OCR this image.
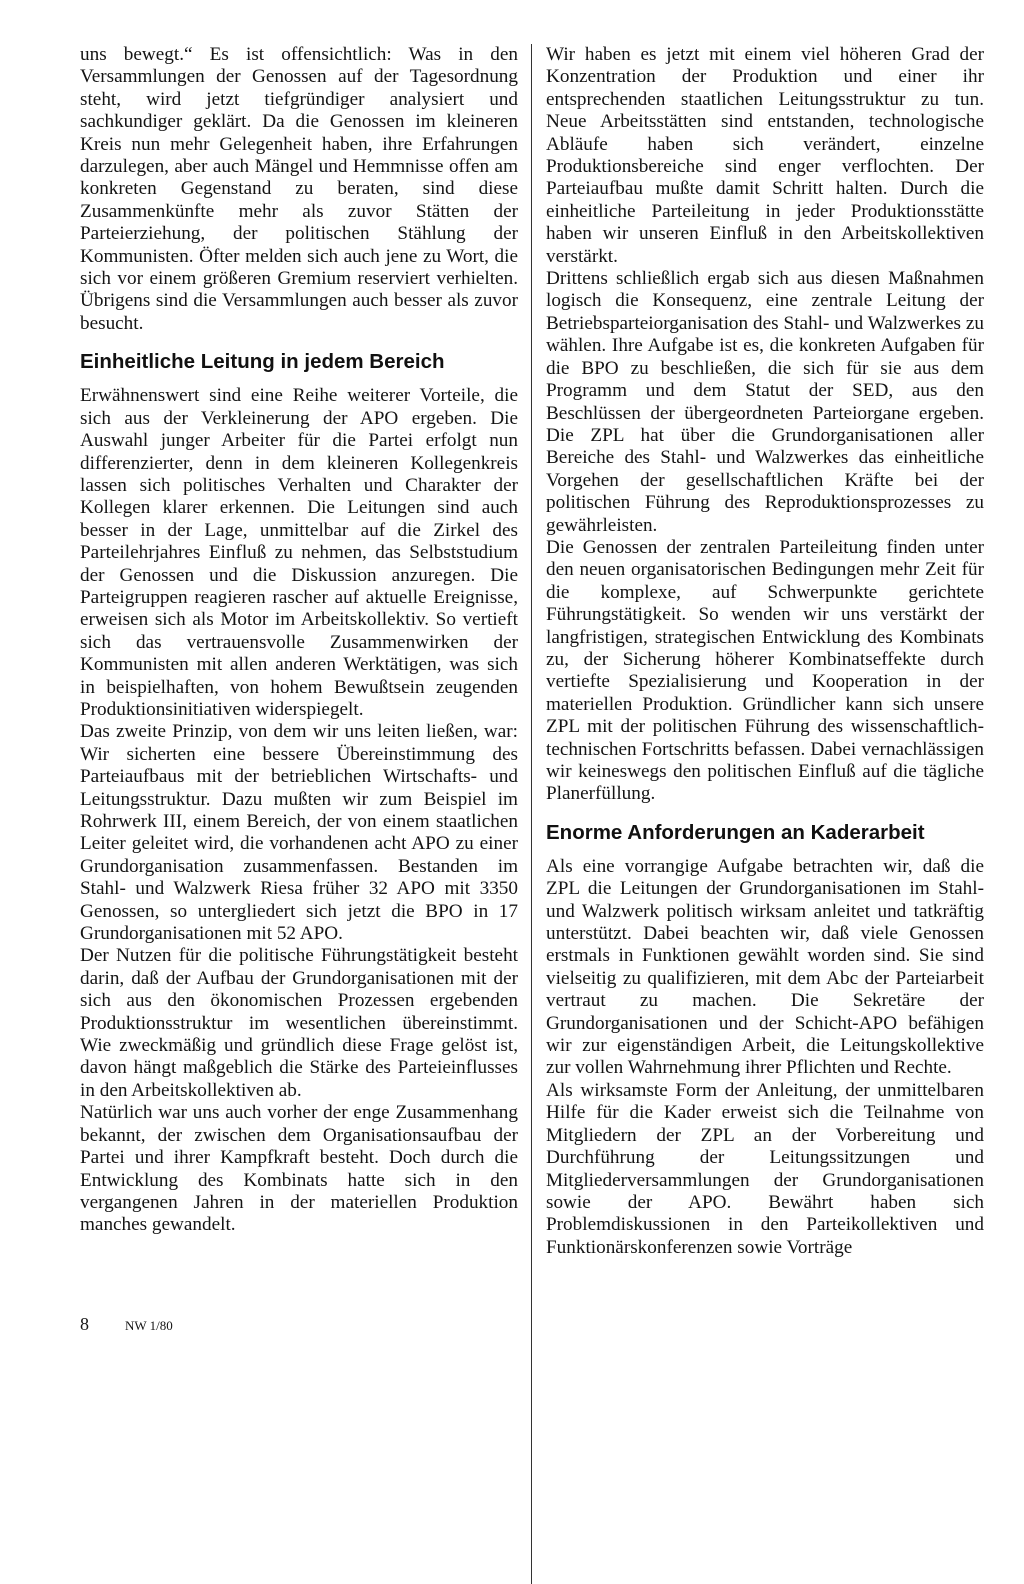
uns bewegt.“ Es ist offensichtlich: Was in den Versammlungen der Genossen auf der Tagesordnung steht, wird jetzt tiefgründiger analysiert und sachkundiger geklärt. Da die Genossen im kleineren Kreis nun mehr Gelegenheit haben, ihre Erfahrungen darzulegen, aber auch Mängel und Hemmnisse offen am konkreten Gegenstand zu beraten, sind diese Zusammenkünfte mehr als zuvor Stätten der Parteierziehung, der politischen Stählung der Kommunisten. Öfter melden sich auch jene zu Wort, die sich vor einem größeren Gremium reserviert verhielten. Übrigens sind die Versammlungen auch besser als zuvor besucht.

Einheitliche Leitung in jedem Bereich

Erwähnenswert sind eine Reihe weiterer Vorteile, die sich aus der Verkleinerung der APO ergeben. Die Auswahl junger Arbeiter für die Partei erfolgt nun differenzierter, denn in dem kleineren Kollegenkreis lassen sich politisches Verhalten und Charakter der Kollegen klarer erkennen. Die Leitungen sind auch besser in der Lage, unmittelbar auf die Zirkel des Parteilehrjahres Einfluß zu nehmen, das Selbststudium der Genossen und die Diskussion anzuregen. Die Parteigruppen reagieren rascher auf aktuelle Ereignisse, erweisen sich als Motor im Arbeitskollektiv. So vertieft sich das vertrauensvolle Zusammenwirken der Kommunisten mit allen anderen Werktätigen, was sich in beispielhaften, von hohem Bewußtsein zeugenden Produktionsinitiativen widerspiegelt.

Das zweite Prinzip, von dem wir uns leiten ließen, war: Wir sicherten eine bessere Übereinstimmung des Parteiaufbaus mit der betrieblichen Wirtschafts- und Leitungsstruktur. Dazu mußten wir zum Beispiel im Rohrwerk III, einem Bereich, der von einem staatlichen Leiter geleitet wird, die vorhandenen acht APO zu einer Grundorganisation zusammenfassen. Bestanden im Stahl- und Walzwerk Riesa früher 32 APO mit 3350 Genossen, so untergliedert sich jetzt die BPO in 17 Grundorganisationen mit 52 APO.

Der Nutzen für die politische Führungstätigkeit besteht darin, daß der Aufbau der Grundorganisationen mit der sich aus den ökonomischen Prozessen ergebenden Produktionsstruktur im wesentlichen übereinstimmt. Wie zweckmäßig und gründlich diese Frage gelöst ist, davon hängt maßgeblich die Stärke des Parteieinflusses in den Arbeitskollektiven ab.

Natürlich war uns auch vorher der enge Zusammenhang bekannt, der zwischen dem Organisationsaufbau der Partei und ihrer Kampfkraft besteht. Doch durch die Entwicklung des Kombinats hatte sich in den vergangenen Jahren in der materiellen Produktion manches gewandelt.

Wir haben es jetzt mit einem viel höheren Grad der Konzentration der Produktion und einer ihr entsprechenden staatlichen Leitungsstruktur zu tun. Neue Arbeitsstätten sind entstanden, technologische Abläufe haben sich verändert, einzelne Produktionsbereiche sind enger verflochten. Der Parteiaufbau mußte damit Schritt halten. Durch die einheitliche Parteileitung in jeder Produktionsstätte haben wir unseren Einfluß in den Arbeitskollektiven verstärkt.

Drittens schließlich ergab sich aus diesen Maßnahmen logisch die Konsequenz, eine zentrale Leitung der Betriebsparteiorganisation des Stahl- und Walzwerkes zu wählen. Ihre Aufgabe ist es, die konkreten Aufgaben für die BPO zu beschließen, die sich für sie aus dem Programm und dem Statut der SED, aus den Beschlüssen der übergeordneten Parteiorgane ergeben. Die ZPL hat über die Grundorganisationen aller Bereiche des Stahl- und Walzwerkes das einheitliche Vorgehen der gesellschaftlichen Kräfte bei der politischen Führung des Reproduktionsprozesses zu gewährleisten.

Die Genossen der zentralen Parteileitung finden unter den neuen organisatorischen Bedingungen mehr Zeit für die komplexe, auf Schwerpunkte gerichtete Führungstätigkeit. So wenden wir uns verstärkt der langfristigen, strategischen Entwicklung des Kombinats zu, der Sicherung höherer Kombinatseffekte durch vertiefte Spezialisierung und Kooperation in der materiellen Produktion. Gründlicher kann sich unsere ZPL mit der politischen Führung des wissenschaftlich-technischen Fortschritts befassen. Dabei vernachlässigen wir keineswegs den politischen Einfluß auf die tägliche Planerfüllung.

Enorme Anforderungen an Kaderarbeit

Als eine vorrangige Aufgabe betrachten wir, daß die ZPL die Leitungen der Grundorganisationen im Stahl- und Walzwerk politisch wirksam anleitet und tatkräftig unterstützt. Dabei beachten wir, daß viele Genossen erstmals in Funktionen gewählt worden sind. Sie sind vielseitig zu qualifizieren, mit dem Abc der Parteiarbeit vertraut zu machen. Die Sekretäre der Grundorganisationen und der Schicht-APO befähigen wir zur eigenständigen Arbeit, die Leitungskollektive zur vollen Wahrnehmung ihrer Pflichten und Rechte.

Als wirksamste Form der Anleitung, der unmittelbaren Hilfe für die Kader erweist sich die Teilnahme von Mitgliedern der ZPL an der Vorbereitung und Durchführung der Leitungssitzungen und Mitgliederversammlungen der Grundorganisationen sowie der APO. Bewährt haben sich Problemdiskussionen in den Parteikollektiven und Funktionärskonferenzen sowie Vorträge

8	NW 1/80
